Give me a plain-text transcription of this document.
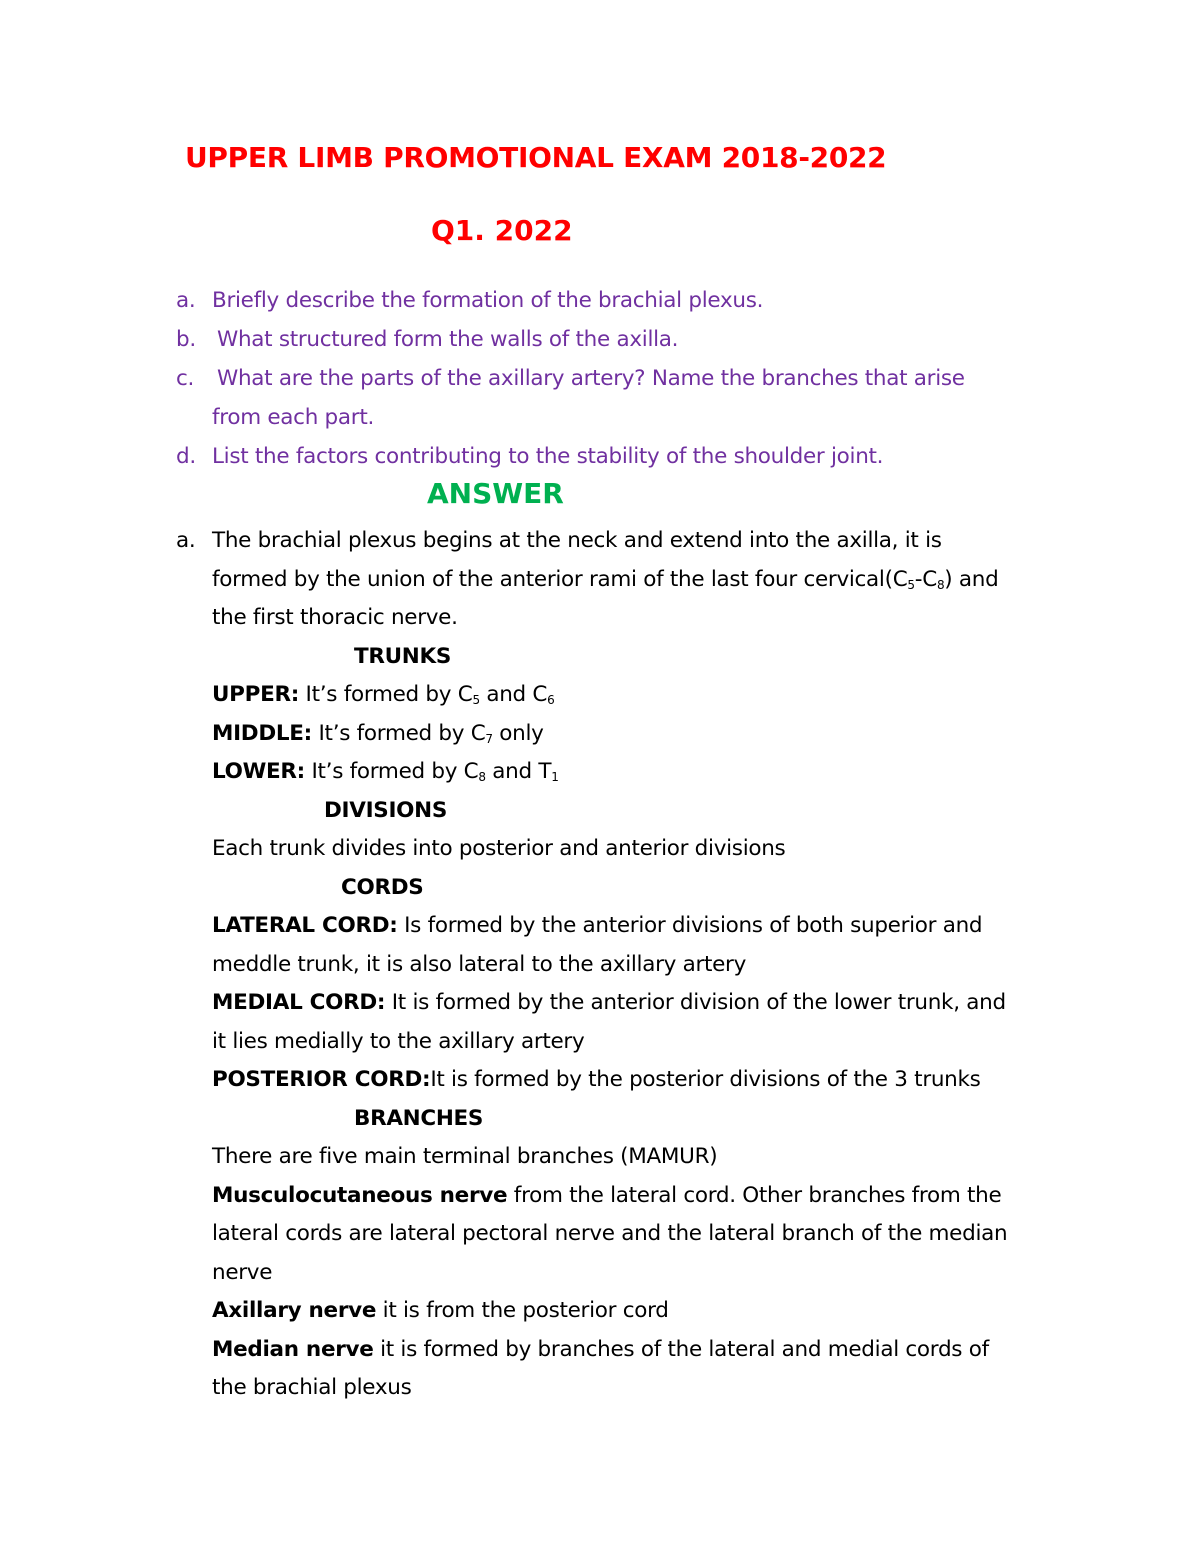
UPPER LIMB PROMOTIONAL EXAM 2018-2022
Q1. 2022
a. Briefly describe the formation of the brachial plexus.
b. What structured form the walls of the axilla.
c. What are the parts of the axillary artery? Name the branches that arise
from each part.
d. List the factors contributing to the stability of the shoulder joint.
ANSWER
a. The brachial plexus begins at the neck and extend into the axilla, it is
formed by the union of the anterior rami of the last four $cervical(C_5-C_8)$ and
the first thoracic nerve.
TRUNKS
UPPER: It’s formed by $C_5$ and $C_6$
MIDDLE: It’s formed by $C_7$ only
LOWER: It’s formed by $C_8$ and $T_1$
DIVISIONS
Each trunk divides into posterior and anterior divisions
CORDS
LATERAL CORD: Is formed by the anterior divisions of both superior and
meddle trunk, it is also lateral to the axillary artery
MEDIAL CORD: It is formed by the anterior division of the lower trunk, and
it lies medially to the axillary artery
POSTERIOR CORD:It is formed by the posterior divisions of the 3 trunks
BRANCHES
There are five main terminal branches (MAMUR)
Musculocutaneous nerve from the lateral cord. Other branches from the
lateral cords are lateral pectoral nerve and the lateral branch of the median
nerve
Axillary nerve it is from the posterior cord
Median nerve it is formed by branches of the lateral and medial cords of
the brachial plexus
